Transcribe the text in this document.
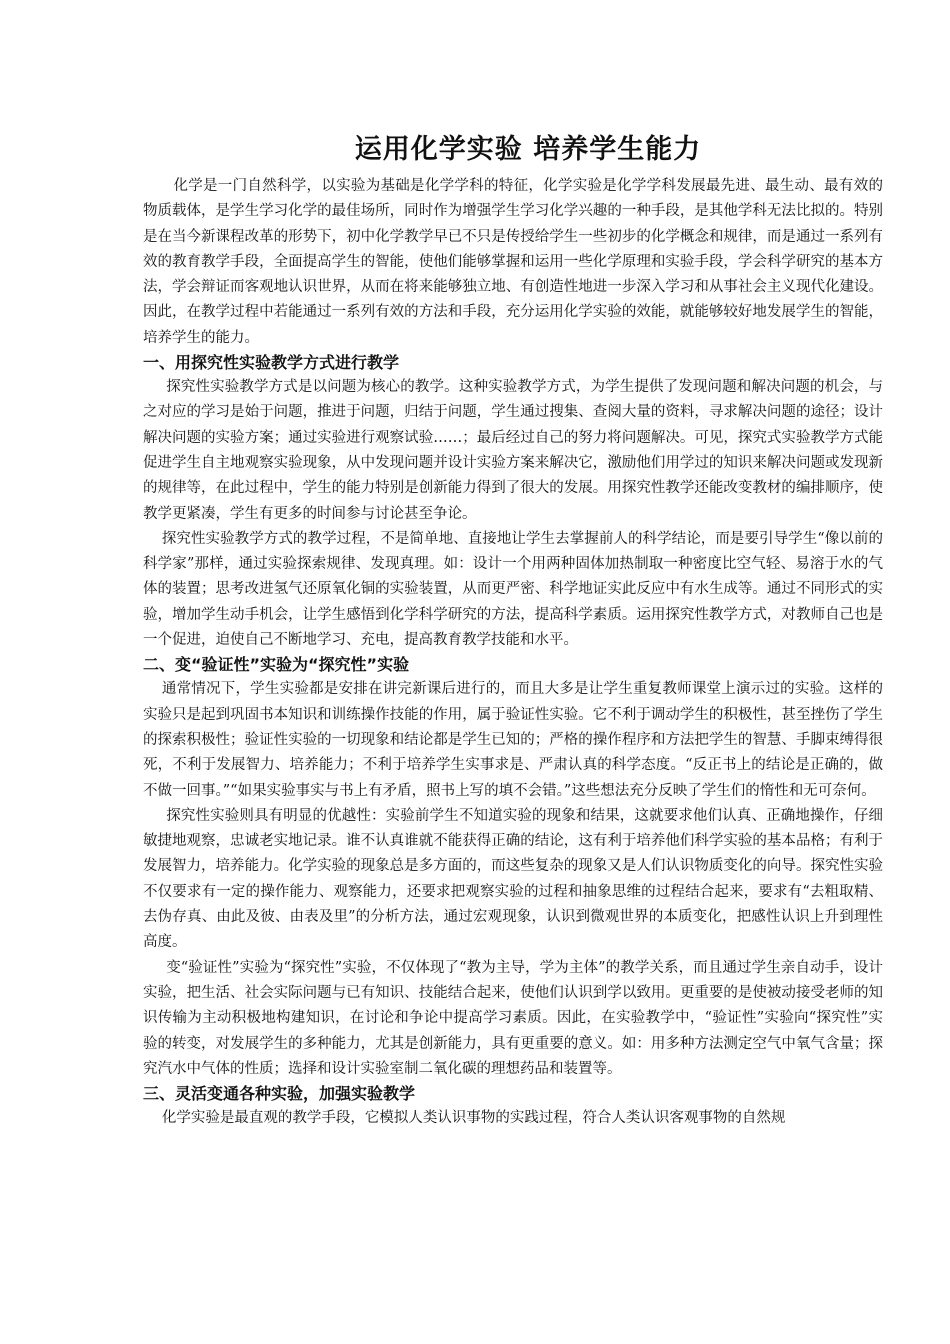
运用化学实验 培养学生能力

化学是一门自然科学，以实验为基础是化学学科的特征，化学实验是化学学科发展最先进、最生动、最有效的物质载体，是学生学习化学的最佳场所，同时作为增强学生学习化学兴趣的一种手段，是其他学科无法比拟的。特别是在当今新课程改革的形势下，初中化学教学早已不只是传授给学生一些初步的化学概念和规律，而是通过一系列有效的教育教学手段，全面提高学生的智能，使他们能够掌握和运用一些化学原理和实验手段，学会科学研究的基本方法，学会辩证而客观地认识世界，从而在将来能够独立地、有创造性地进一步深入学习和从事社会主义现代化建设。因此，在教学过程中若能通过一系列有效的方法和手段，充分运用化学实验的效能，就能够较好地发展学生的智能，培养学生的能力。

一、用探究性实验教学方式进行教学

探究性实验教学方式是以问题为核心的教学。这种实验教学方式，为学生提供了发现问题和解决问题的机会，与之对应的学习是始于问题，推进于问题，归结于问题，学生通过搜集、查阅大量的资料，寻求解决问题的途径；设计解决问题的实验方案；通过实验进行观察试验……；最后经过自己的努力将问题解决。可见，探究式实验教学方式能促进学生自主地观察实验现象，从中发现问题并设计实验方案来解决它，激励他们用学过的知识来解决问题或发现新的规律等，在此过程中，学生的能力特别是创新能力得到了很大的发展。用探究性教学还能改变教材的编排顺序，使教学更紧凑，学生有更多的时间参与讨论甚至争论。

探究性实验教学方式的教学过程，不是简单地、直接地让学生去掌握前人的科学结论，而是要引导学生“像以前的科学家”那样，通过实验探索规律、发现真理。如：设计一个用两种固体加热制取一种密度比空气轻、易溶于水的气体的装置；思考改进氢气还原氧化铜的实验装置，从而更严密、科学地证实此反应中有水生成等。通过不同形式的实验，增加学生动手机会，让学生感悟到化学科学研究的方法，提高科学素质。运用探究性教学方式，对教师自己也是一个促进，迫使自己不断地学习、充电，提高教育教学技能和水平。

二、变“验证性”实验为“探究性”实验

通常情况下，学生实验都是安排在讲完新课后进行的，而且大多是让学生重复教师课堂上演示过的实验。这样的实验只是起到巩固书本知识和训练操作技能的作用，属于验证性实验。它不利于调动学生的积极性，甚至挫伤了学生的探索积极性；验证性实验的一切现象和结论都是学生已知的；严格的操作程序和方法把学生的智慧、手脚束缚得很死，不利于发展智力、培养能力；不利于培养学生实事求是、严肃认真的科学态度。“反正书上的结论是正确的，做不做一回事。”“如果实验事实与书上有矛盾，照书上写的填不会错。”这些想法充分反映了学生们的惰性和无可奈何。

探究性实验则具有明显的优越性：实验前学生不知道实验的现象和结果，这就要求他们认真、正确地操作，仔细敏捷地观察，忠诚老实地记录。谁不认真谁就不能获得正确的结论，这有利于培养他们科学实验的基本品格；有利于发展智力，培养能力。化学实验的现象总是多方面的，而这些复杂的现象又是人们认识物质变化的向导。探究性实验不仅要求有一定的操作能力、观察能力，还要求把观察实验的过程和抽象思维的过程结合起来，要求有“去粗取精、去伪存真、由此及彼、由表及里”的分析方法，通过宏观现象，认识到微观世界的本质变化，把感性认识上升到理性高度。

变“验证性”实验为“探究性”实验，不仅体现了“教为主导，学为主体”的教学关系，而且通过学生亲自动手，设计实验，把生活、社会实际问题与已有知识、技能结合起来，使他们认识到学以致用。更重要的是使被动接受老师的知识传输为主动积极地构建知识，在讨论和争论中提高学习素质。因此，在实验教学中，“验证性”实验向“探究性”实验的转变，对发展学生的多种能力，尤其是创新能力，具有更重要的意义。如：用多种方法测定空气中氧气含量；探究汽水中气体的性质；选择和设计实验室制二氧化碳的理想药品和装置等。

三、灵活变通各种实验，加强实验教学

化学实验是最直观的教学手段，它模拟人类认识事物的实践过程，符合人类认识客观事物的自然规
